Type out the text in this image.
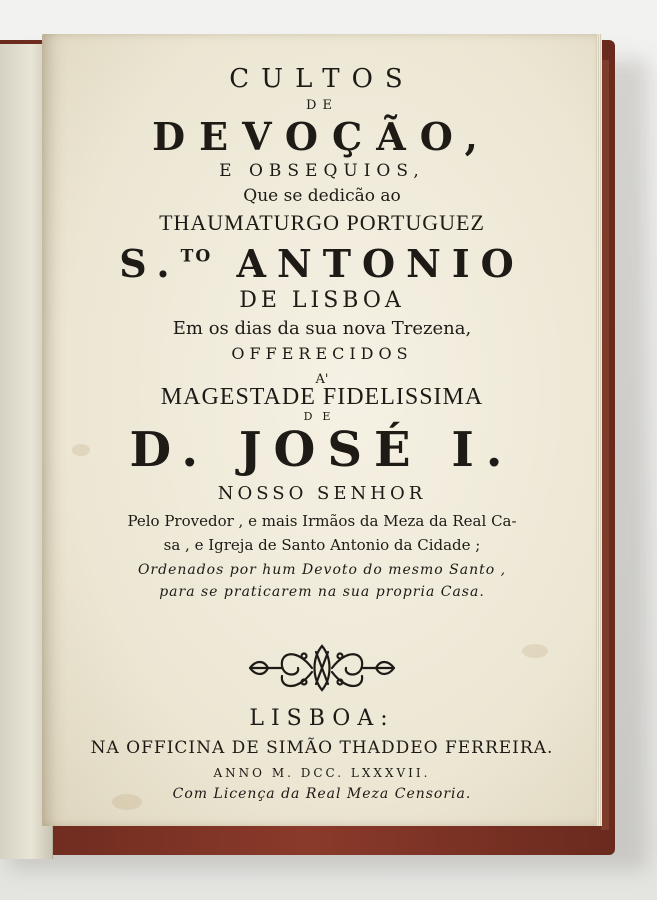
CULTOS
DE
DEVOÇÃO,
E OBSEQUIOS,
Que se dedicão ao
THAUMATURGO PORTUGUEZ
S.$^{TO}$ ANTONIO
DE LISBOA
Em os dias da sua nova Trezena,
OFFERECIDOS
A'
MAGESTADE FIDELISSIMA
DE
D. JOSÉ I.
NOSSO SENHOR
Pelo Provedor , e mais Irmãos da Meza da Real Ca-
sa , e Igreja de Santo Antonio da Cidade ;
Ordenados por hum Devoto do mesmo Santo ,
para se praticarem na sua propria Casa.
LISBOA:
NA OFFICINA DE SIMÃO THADDEO FERREIRA.
ANNO M. DCC. LXXXVII.
Com Licença da Real Meza Censoria.
